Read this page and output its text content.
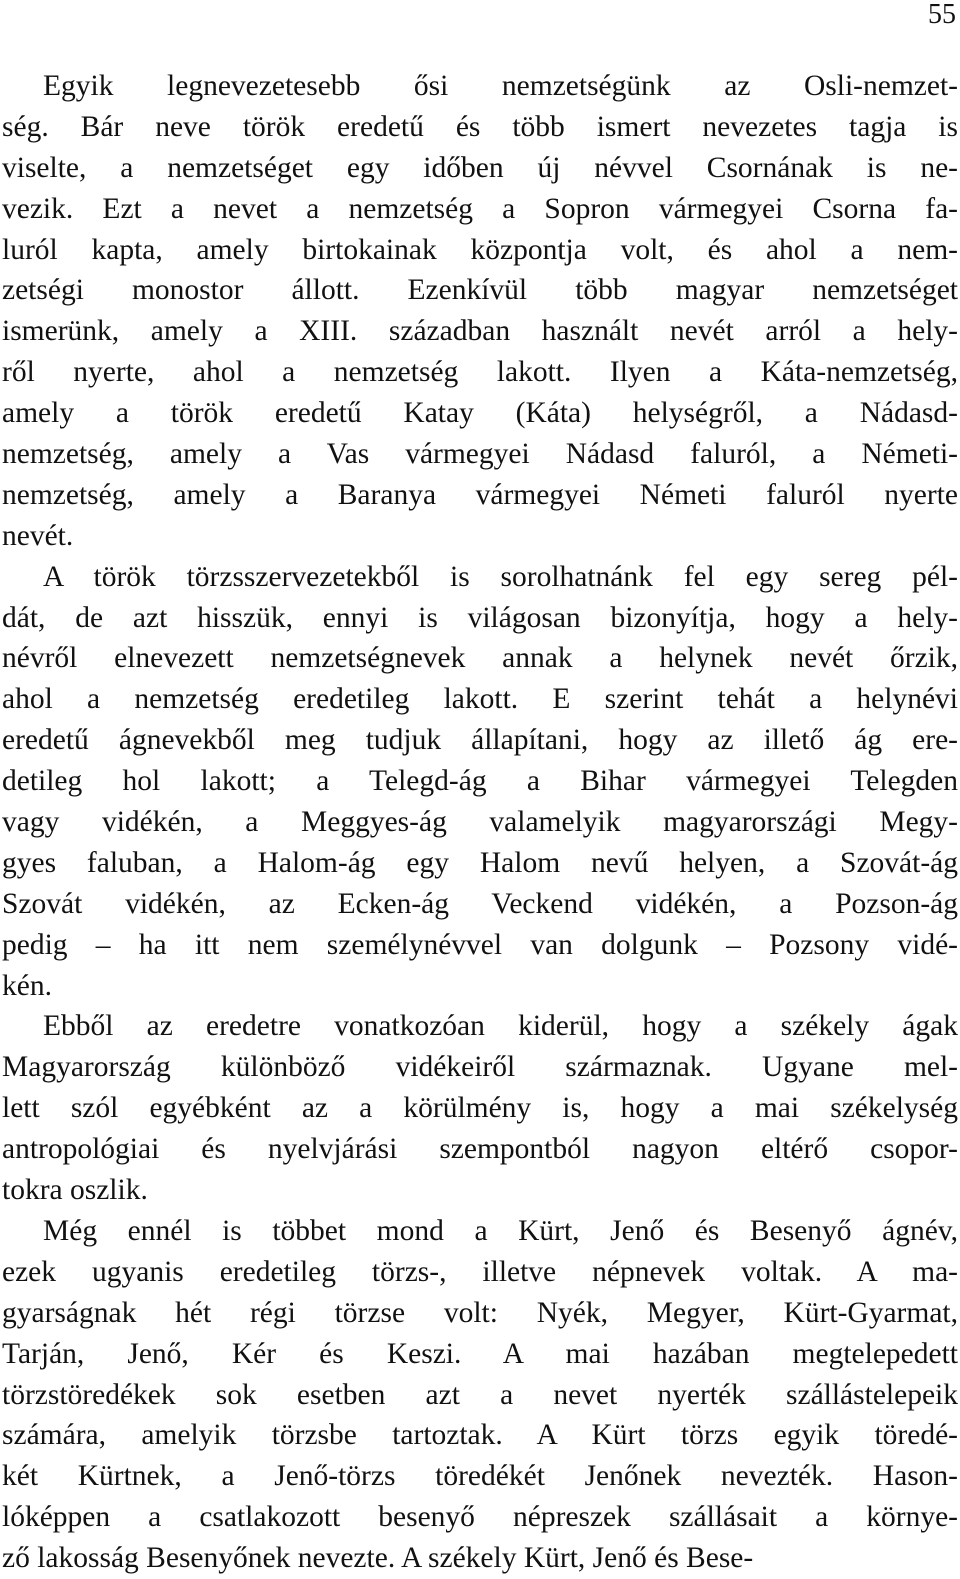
55
Egyik legnevezetesebb ősi nemzetségünk az Osli-nemzet-
ség. Bár neve török eredetű és több ismert nevezetes tagja is
viselte, a nemzetséget egy időben új névvel Csornának is ne-
vezik. Ezt a nevet a nemzetség a Sopron vármegyei Csorna fa-
luról kapta, amely birtokainak központja volt, és ahol a nem-
zetségi monostor állott. Ezenkívül több magyar nemzetséget
ismerünk, amely a XIII. században használt nevét arról a hely-
ről nyerte, ahol a nemzetség lakott. Ilyen a Káta-nemzetség,
amely a török eredetű Katay (Káta) helységről, a Nádasd-
nemzetség, amely a Vas vármegyei Nádasd faluról, a Németi-
nemzetség, amely a Baranya vármegyei Németi faluról nyerte
nevét.
A török törzsszervezetekből is sorolhatnánk fel egy sereg pél-
dát, de azt hisszük, ennyi is világosan bizonyítja, hogy a hely-
névről elnevezett nemzetségnevek annak a helynek nevét őrzik,
ahol a nemzetség eredetileg lakott. E szerint tehát a helynévi
eredetű ágnevekből meg tudjuk állapítani, hogy az illető ág ere-
detileg hol lakott; a Telegd-ág a Bihar vármegyei Telegden
vagy vidékén, a Meggyes-ág valamelyik magyarországi Megy-
gyes faluban, a Halom-ág egy Halom nevű helyen, a Szovát-ág
Szovát vidékén, az Ecken-ág Veckend vidékén, a Pozson-ág
pedig – ha itt nem személynévvel van dolgunk – Pozsony vidé-
kén.
Ebből az eredetre vonatkozóan kiderül, hogy a székely ágak
Magyarország különböző vidékeiről származnak. Ugyane mel-
lett szól egyébként az a körülmény is, hogy a mai székelység
antropológiai és nyelvjárási szempontból nagyon eltérő csopor-
tokra oszlik.
Még ennél is többet mond a Kürt, Jenő és Besenyő ágnév,
ezek ugyanis eredetileg törzs-, illetve népnevek voltak. A ma-
gyarságnak hét régi törzse volt: Nyék, Megyer, Kürt-Gyarmat,
Tarján, Jenő, Kér és Keszi. A mai hazában megtelepedett
törzstöredékek sok esetben azt a nevet nyerték szállástelepeik
számára, amelyik törzsbe tartoztak. A Kürt törzs egyik töredé-
két Kürtnek, a Jenő-törzs töredékét Jenőnek nevezték. Hason-
lóképpen a csatlakozott besenyő népreszek szállásait a környe-
ző lakosság Besenyőnek nevezte. A székely Kürt, Jenő és Bese-
